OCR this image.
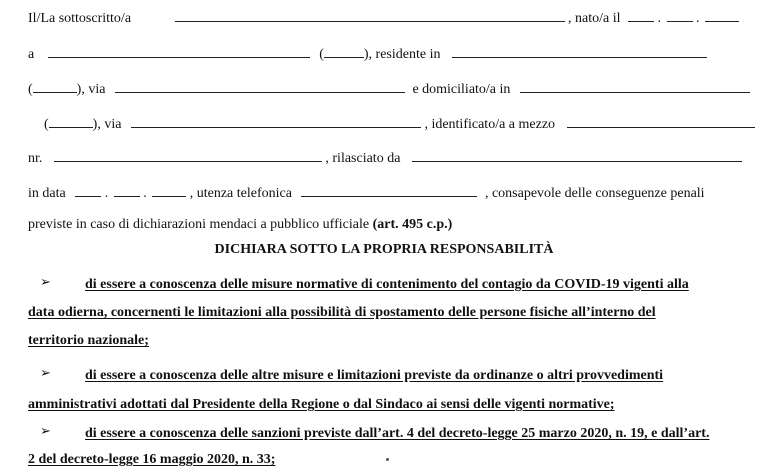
Il/La sottoscritto/a	, nato/a il	.	.
a	(	), residente in
(	), via	e domiciliato/a in
(	), via	, identificato/a a mezzo
nr.	, rilasciato da
in data	.	.	, utenza telefonica	, consapevole delle conseguenze penali
previste in caso di dichiarazioni mendaci a pubblico ufficiale (art. 495 c.p.)
DICHIARA SOTTO LA PROPRIA RESPONSABILITÀ
➢ di essere a conoscenza delle misure normative di contenimento del contagio da COVID-19 vigenti alla
data odierna, concernenti le limitazioni alla possibilità di spostamento delle persone fisiche all’interno del
territorio nazionale;
➢ di essere a conoscenza delle altre misure e limitazioni previste da ordinanze o altri provvedimenti
amministrativi adottati dal Presidente della Regione o dal Sindaco ai sensi delle vigenti normative;
➢ di essere a conoscenza delle sanzioni previste dall’art. 4 del decreto-legge 25 marzo 2020, n. 19, e dall’art.
2 del decreto-legge 16 maggio 2020, n. 33;
